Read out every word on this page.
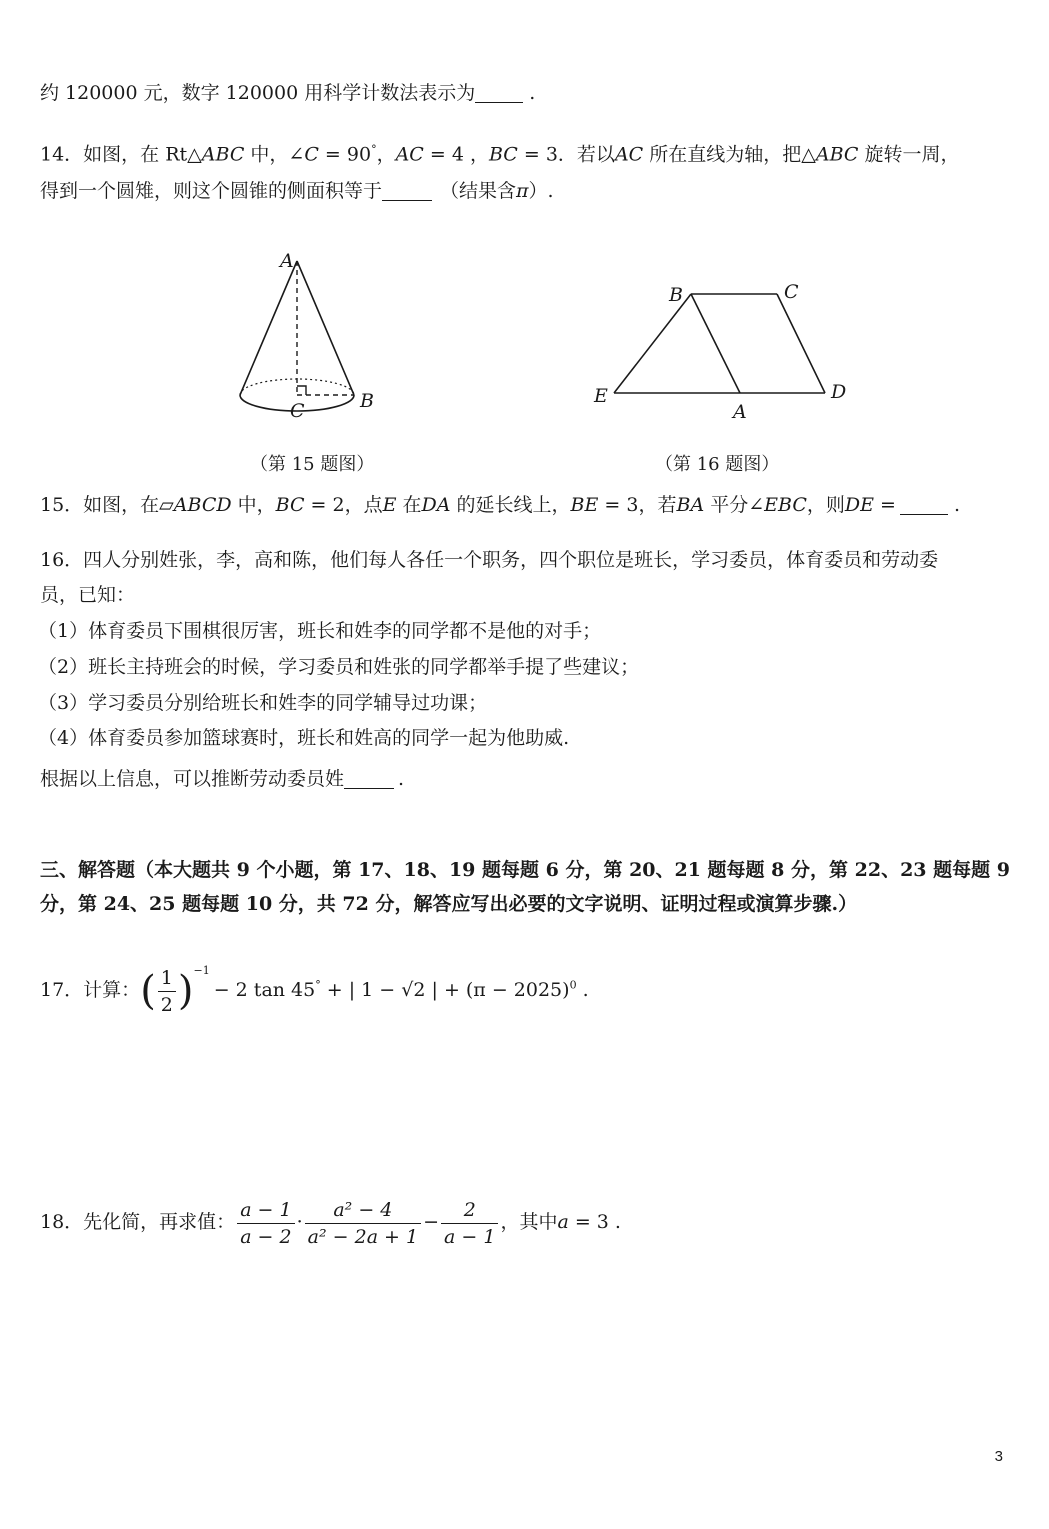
约 120000 元，数字 120000 用科学计数法表示为	.
14．如图，在 Rt△ABC 中，∠C = 90°，AC = 4 ，BC = 3．若以AC 所在直线为轴，把△ABC 旋转一周，
得到一个圆雉，则这个圆锥的侧面积等于	（结果含π）.
A
B
C
（第 15 题图）
B	C
D
E
A
（第 16 题图）
15．如图，在▱ABCD 中，BC = 2，点E 在DA 的延长线上，BE = 3，若BA 平分∠EBC，则DE =	.
16．四人分别姓张，李，高和陈，他们每人各任一个职务，四个职位是班长，学习委员，体育委员和劳动委
员，已知：
（1）体育委员下围棋很厉害，班长和姓李的同学都不是他的对手；
（2）班长主持班会的时候，学习委员和姓张的同学都举手提了些建议；
（3）学习委员分别给班长和姓李的同学辅导过功课；
（4）体育委员参加篮球赛时，班长和姓高的同学一起为他助威.
根据以上信息，可以推断劳动委员姓	.
三、解答题（本大题共 9 个小题，第 17、18、19 题每题 6 分，第 20、21 题每题 8 分，第 22、23 题每题 9
分，第 24、25 题每题 10 分，共 72 分，解答应写出必要的文字说明、证明过程或演算步骤.）
17．计算：( $\frac{1}{2} )^{-1}- 2$ tan 45° + | 1 − √2 | + $(\pi - 2025)^0$ .
18．先化简，再求值： $\frac{a - 1}{a - 2} \cdot \frac{\text{a² − 4}}{\text{a² − 2a + 1}} - \frac{2}{a - 1}$ ，其中a = 3 .
3
